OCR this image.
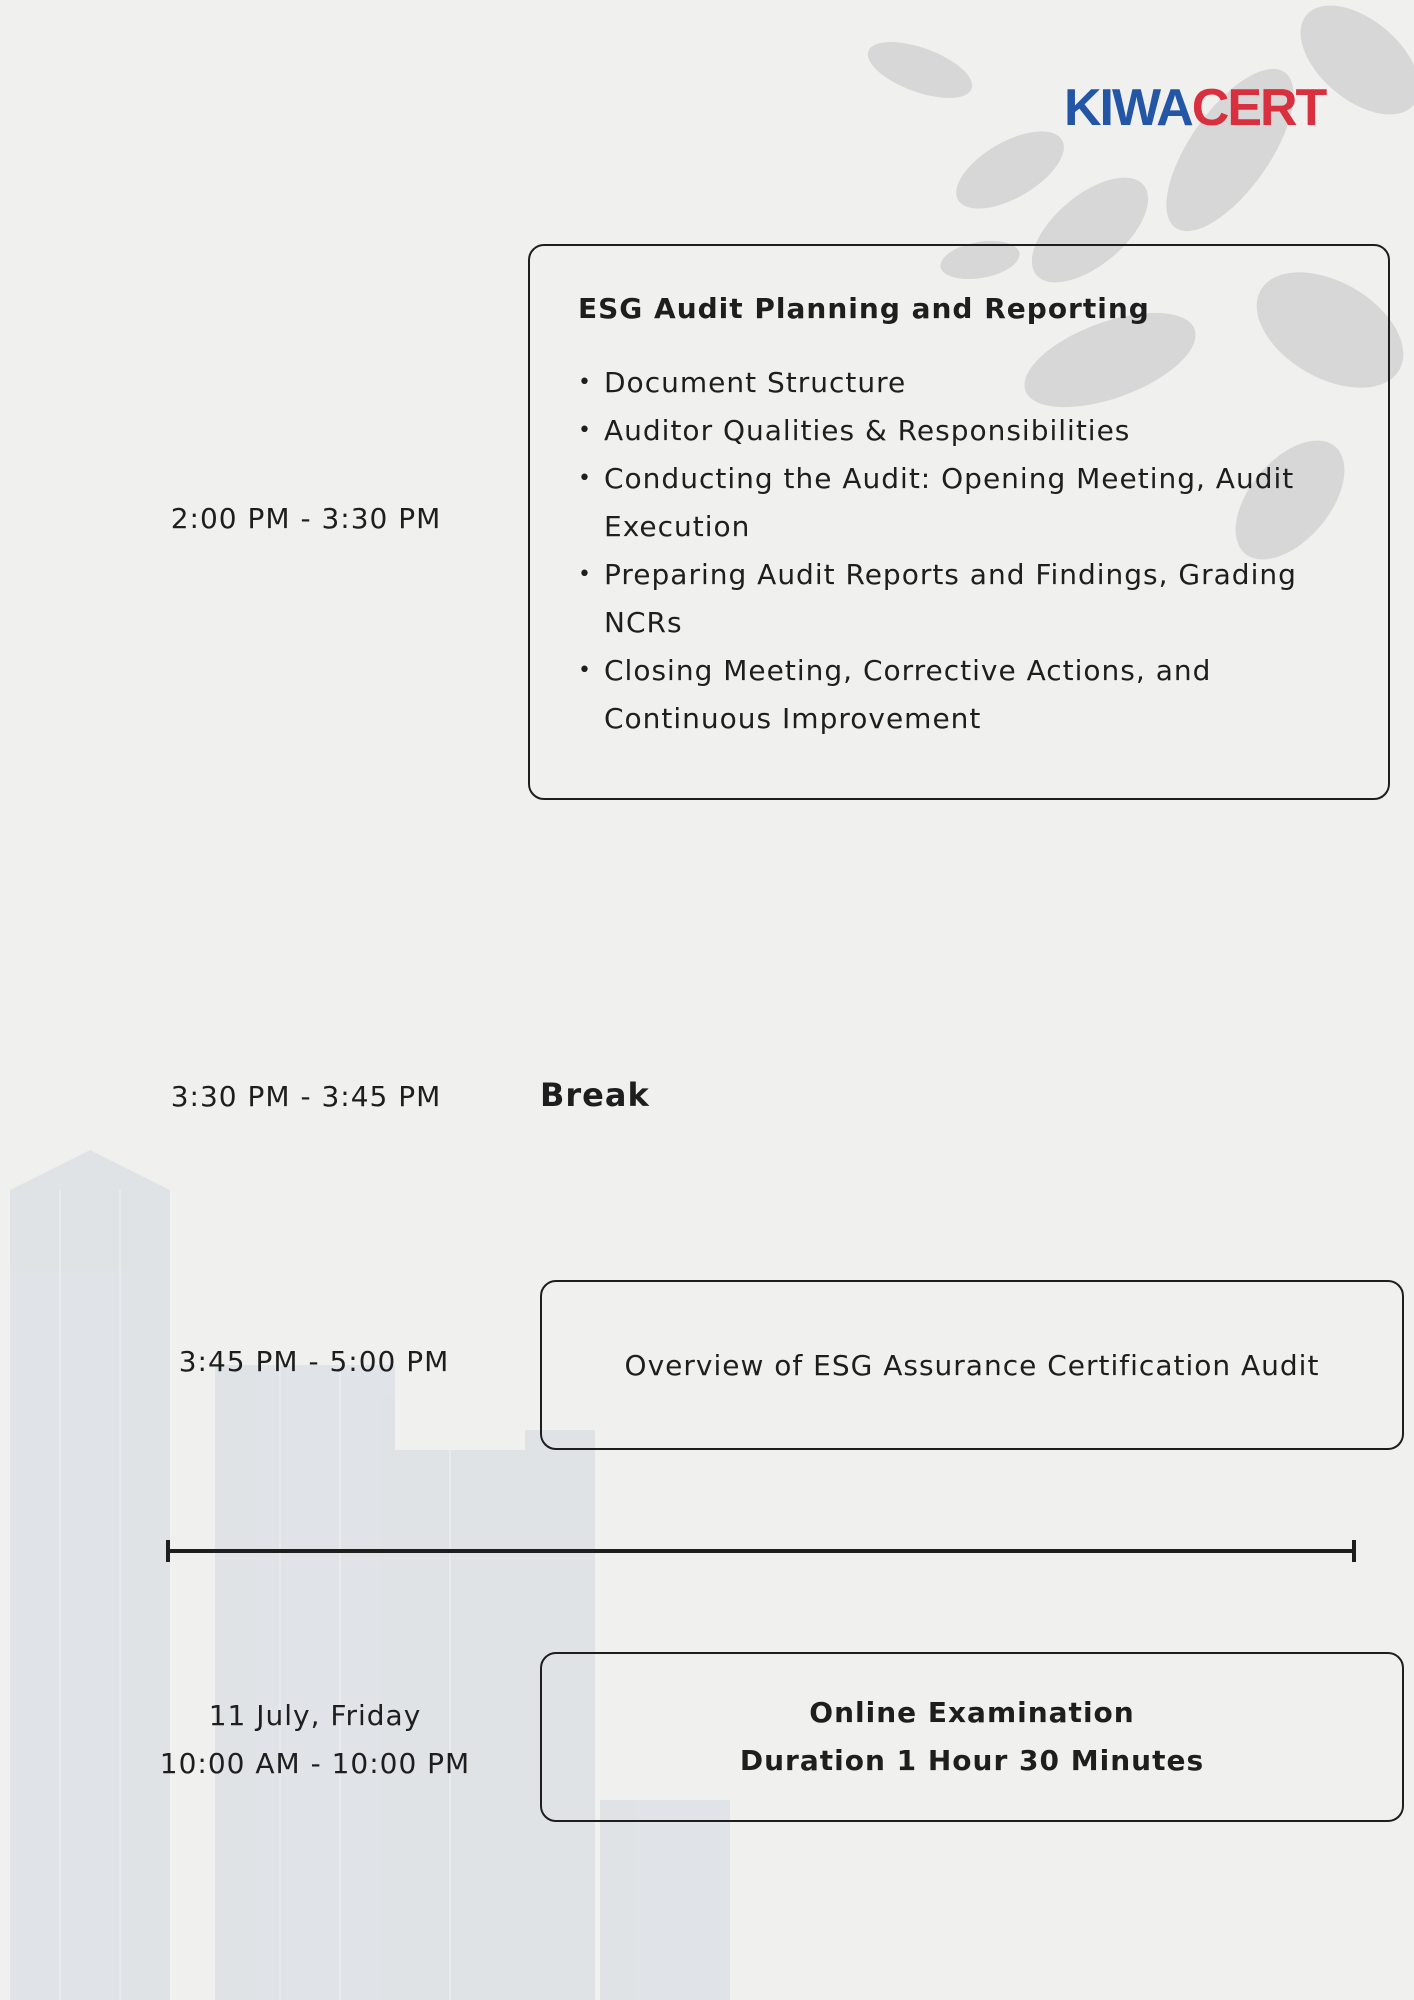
KIWACERT
2:00 PM - 3:30 PM
ESG Audit Planning and Reporting
• Document Structure
• Auditor Qualities & Responsibilities
• Conducting the Audit: Opening Meeting, Audit Execution
• Preparing Audit Reports and Findings, Grading NCRs
• Closing Meeting, Corrective Actions, and Continuous Improvement
3:30 PM - 3:45 PM	Break
3:45 PM - 5:00 PM	Overview of ESG Assurance Certification Audit
11 July, Friday
10:00 AM - 10:00 PM
Online Examination
Duration 1 Hour 30 Minutes
